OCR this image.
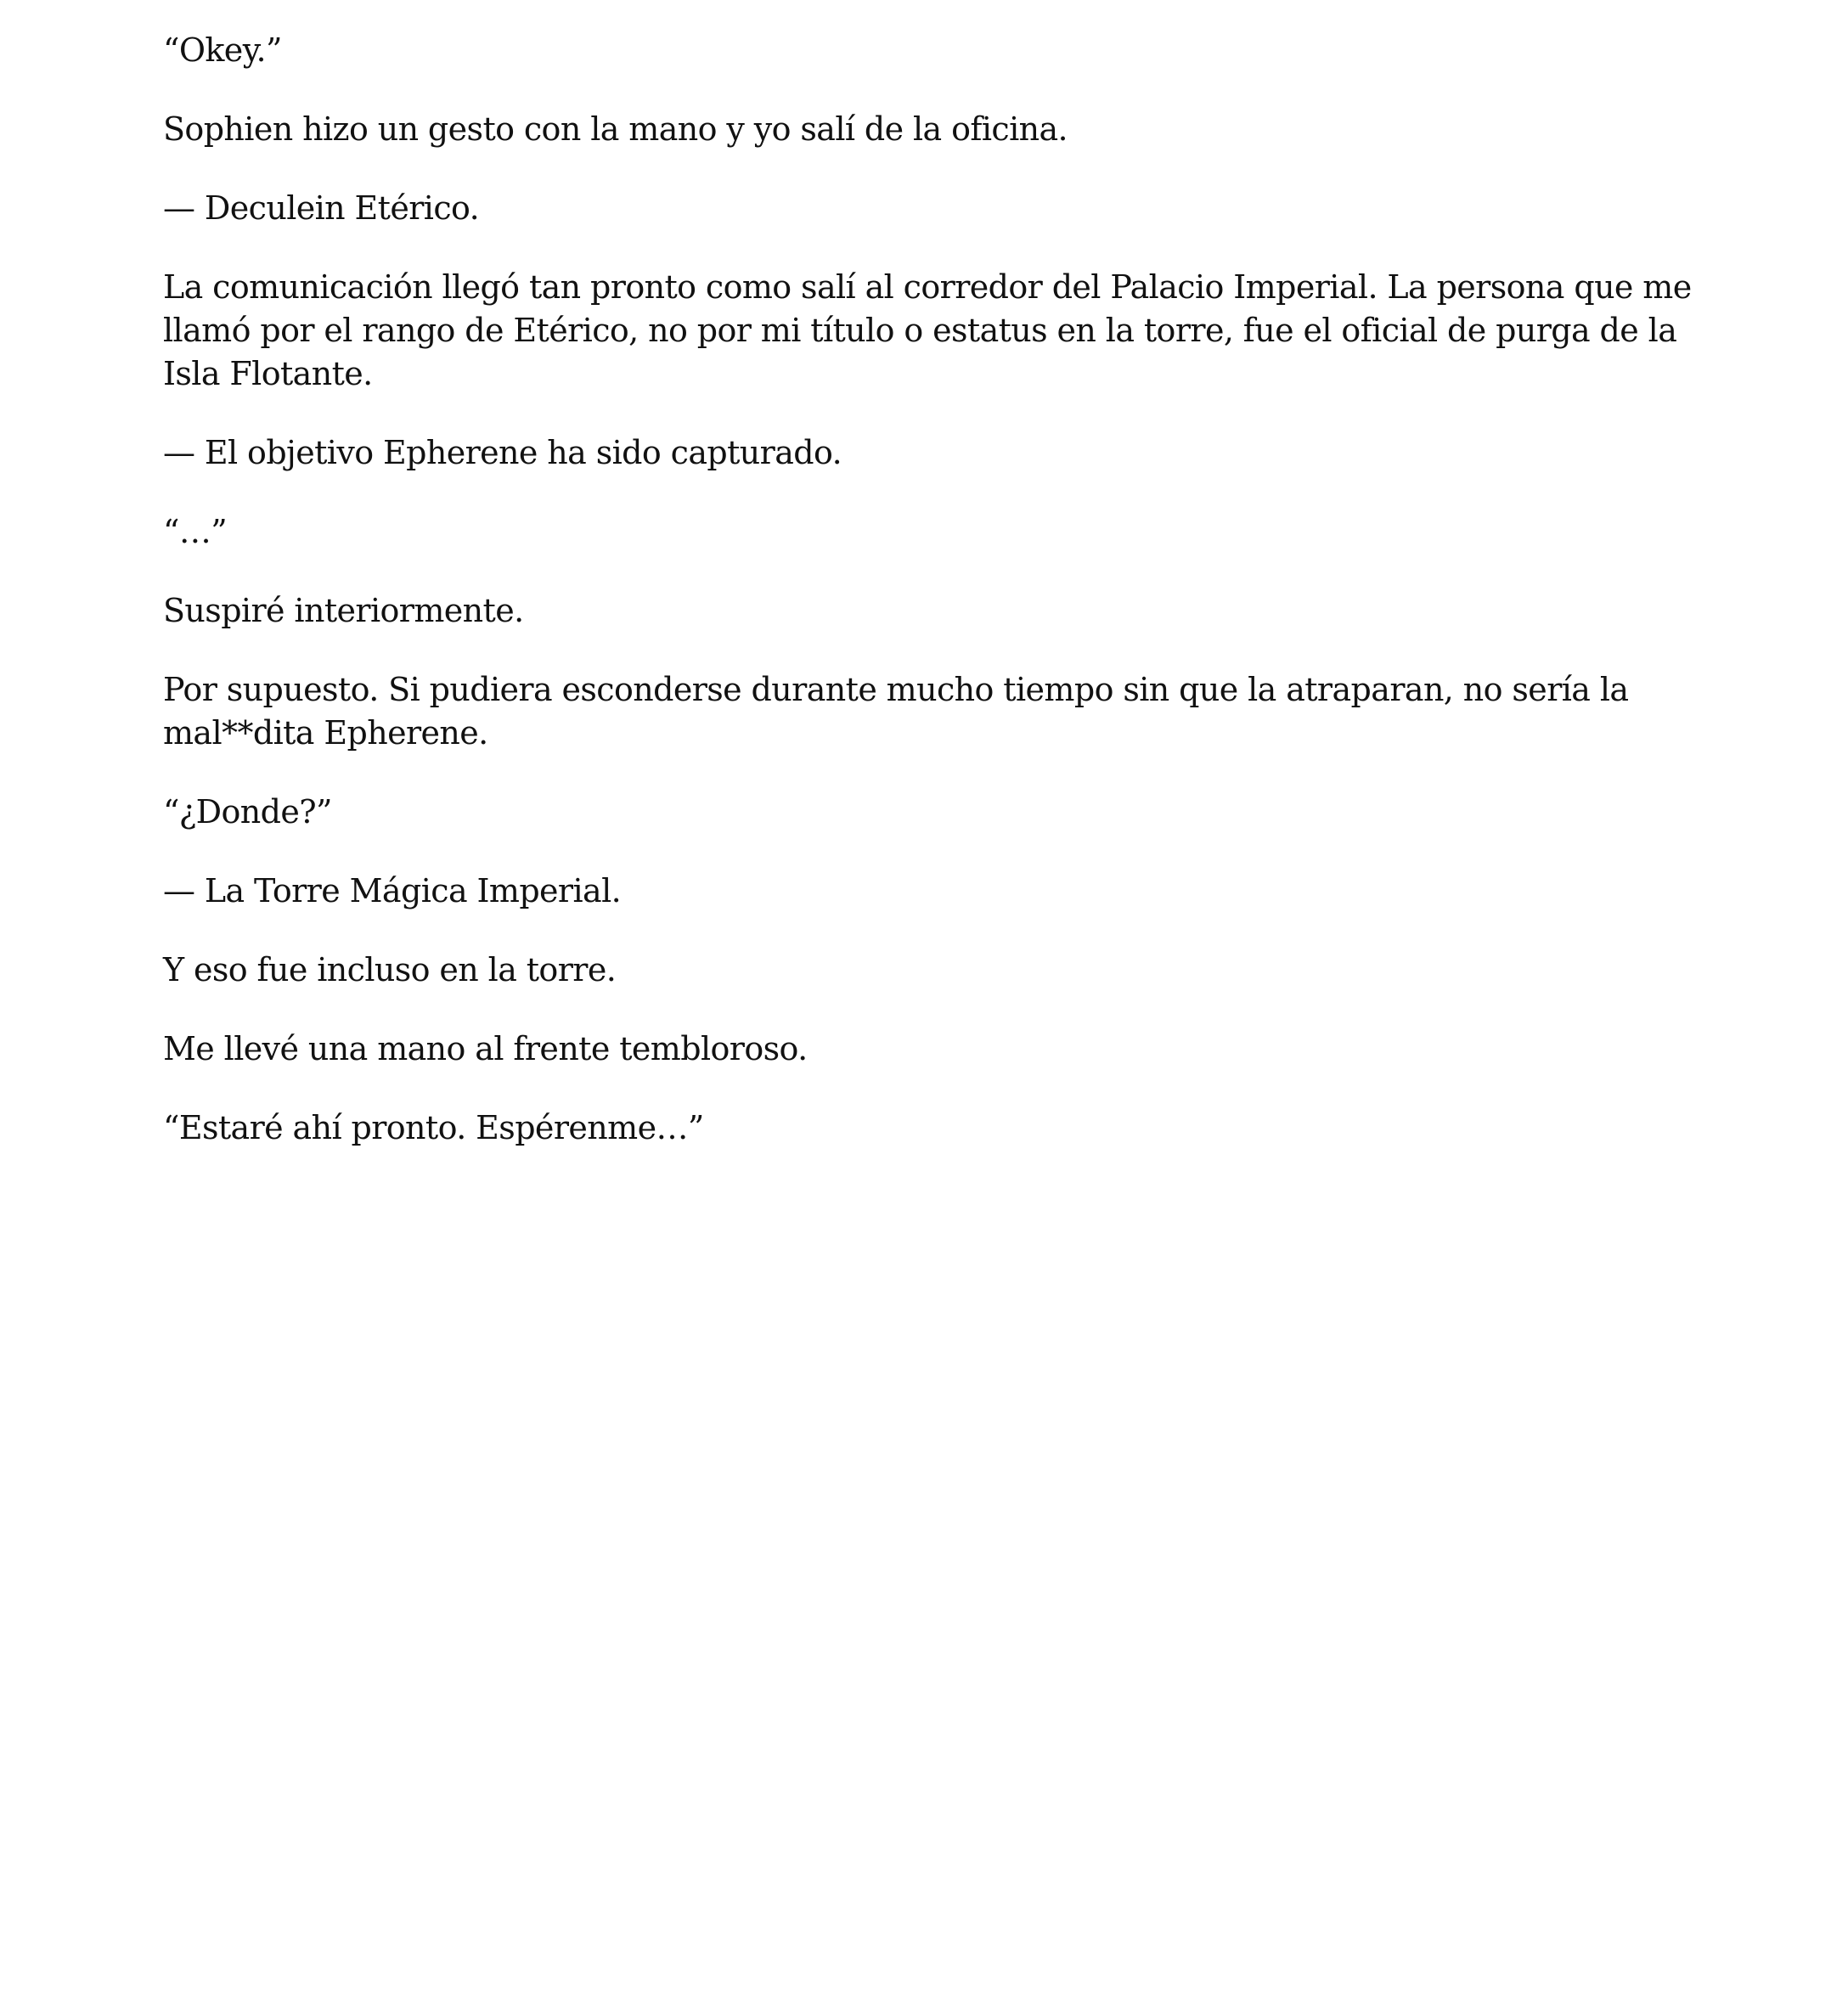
“Okey.”

Sophien hizo un gesto con la mano y yo salí de la oficina.

— Deculein Etérico.

La comunicación llegó tan pronto como salí al corredor del Palacio Imperial. La persona que me llamó por el rango de Etérico, no por mi título o estatus en la torre, fue el oficial de purga de la Isla Flotante.

— El objetivo Epherene ha sido capturado.

“…”

Suspiré interiormente.

Por supuesto. Si pudiera esconderse durante mucho tiempo sin que la atraparan, no sería la mal**dita Epherene.

“¿Donde?”

— La Torre Mágica Imperial.

Y eso fue incluso en la torre.

Me llevé una mano al frente tembloroso.

“Estaré ahí pronto. Espérenme…”
